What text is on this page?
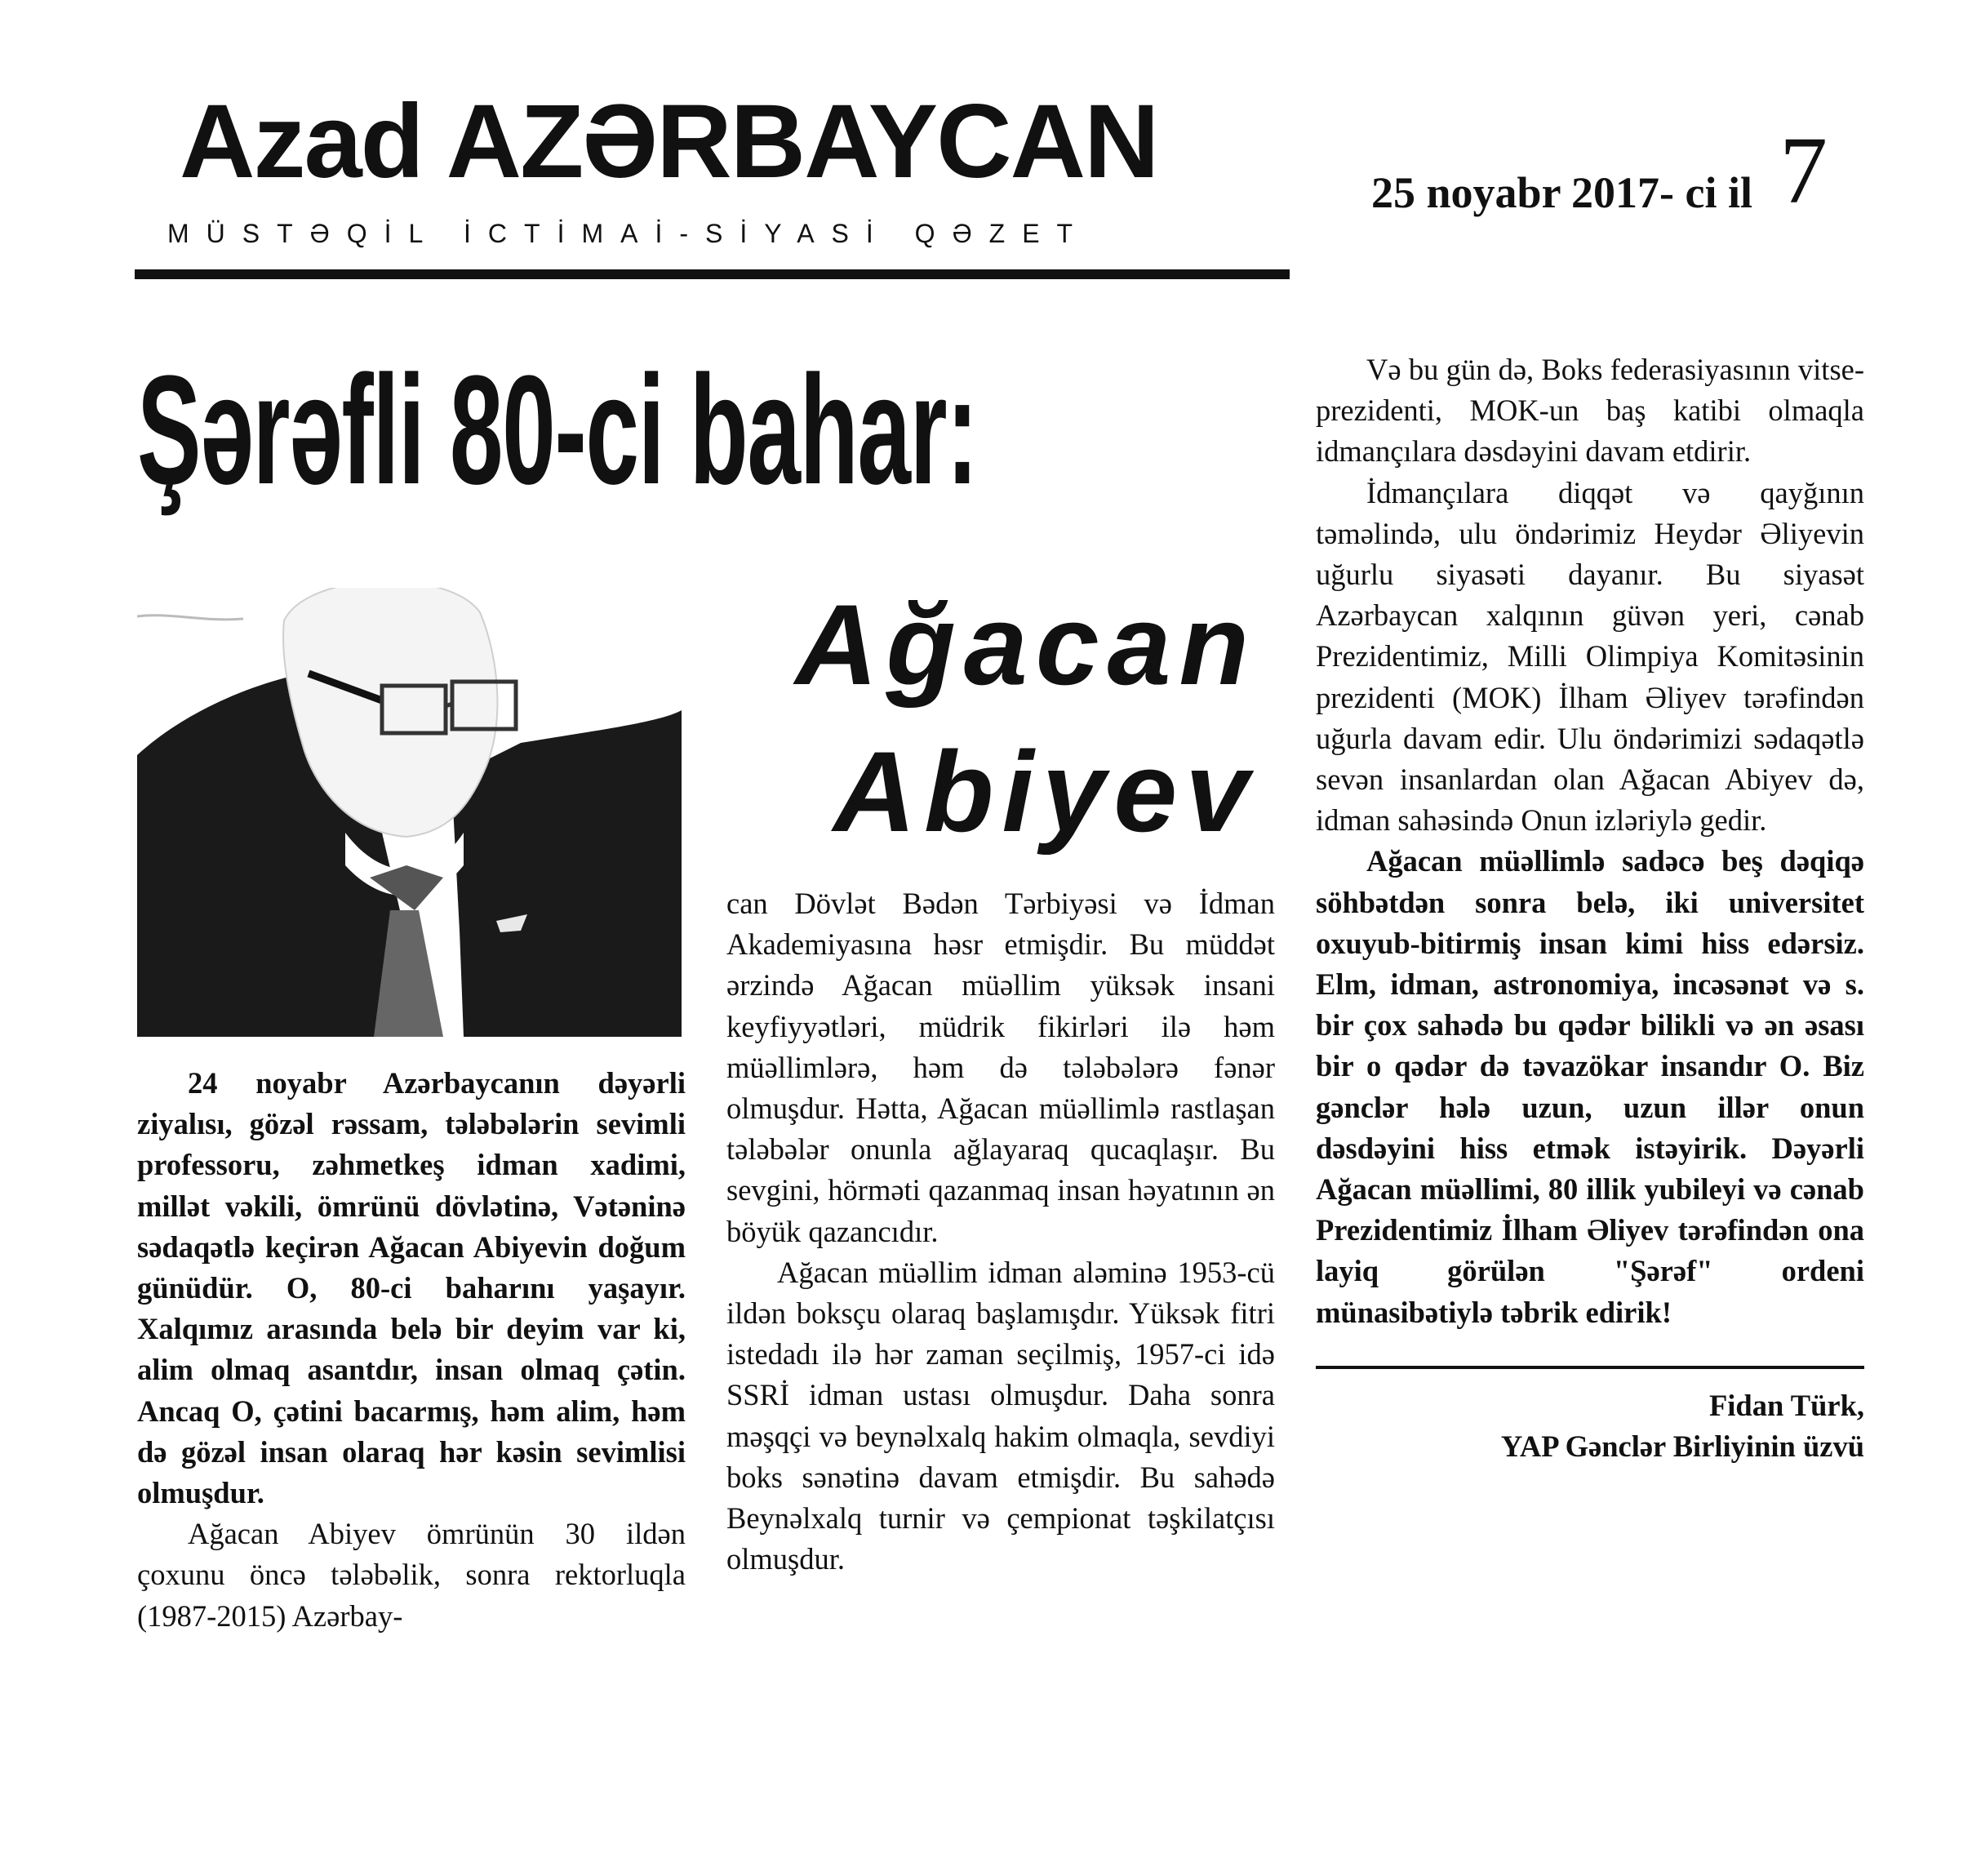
Azad AZƏRBAYCAN
MÜSTƏQİL İCTİMAİ-SİYASİ QƏZET
25 noyabr 2017- ci il 7
Şərəfli 80-ci bahar:
Ağacan
Abiyev

24 noyabr Azərbaycanın dəyərli ziyalısı, gözəl rəssam, tələbələrin sevimli professoru, zəhmetkeş idman xadimi, millət vəkili, ömrünü dövlətinə, Vətəninə sədaqətlə keçirən Ağacan Abiyevin doğum günüdür. O, 80-ci baharını yaşayır. Xalqımız arasında belə bir deyim var ki, alim olmaq asantdır, insan olmaq çətin. Ancaq O, çətini bacarmış, həm alim, həm də gözəl insan olaraq hər kəsin sevimlisi olmuşdur.

Ağacan Abiyev ömrünün 30 ildən çoxunu öncə tələbəlik, sonra rektorluqla (1987-2015) Azərbay-

can Dövlət Bədən Tərbiyəsi və İdman Akademiyasına həsr etmişdir. Bu müddət ərzində Ağacan müəllim yüksək insani keyfiyyətləri, müdrik fikirləri ilə həm müəllimlərə, həm də tələbələrə fənər olmuşdur. Hətta, Ağacan müəllimlə rastlaşan tələbələr onunla ağlayaraq qucaqlaşır. Bu sevgini, hörməti qazanmaq insan həyatının ən böyük qazancıdır.

Ağacan müəllim idman aləminə 1953-cü ildən boksçu olaraq başlamışdır. Yüksək fitri istedadı ilə hər zaman seçilmiş, 1957-ci idə SSRİ idman ustası olmuşdur. Daha sonra məşqçi və beynəlxalq hakim olmaqla, sevdiyi boks sənətinə davam etmişdir. Bu sahədə Beynəlxalq turnir və çempionat təşkilatçısı olmuşdur.

Və bu gün də, Boks federasiyasının vitse-prezidenti, MOK-un baş katibi olmaqla idmançılara dəsdəyini davam etdirir.

İdmançılara diqqət və qayğının təməlində, ulu öndərimiz Heydər Əliyevin uğurlu siyasəti dayanır. Bu siyasət Azərbaycan xalqının güvən yeri, cənab Prezidentimiz, Milli Olimpiya Komitəsinin prezidenti (MOK) İlham Əliyev tərəfindən uğurla davam edir. Ulu öndərimizi sədaqətlə sevən insanlardan olan Ağacan Abiyev də, idman sahəsində Onun izləriylə gedir.

Ağacan müəllimlə sadəcə beş dəqiqə söhbətdən sonra belə, iki universitet oxuyub-bitirmiş insan kimi hiss edərsiz. Elm, idman, astronomiya, incəsənət və s. bir çox sahədə bu qədər bilikli və ən əsası bir o qədər də təvazökar insandır O. Biz gənclər hələ uzun, uzun illər onun dəsdəyini hiss etmək istəyirik. Dəyərli Ağacan müəllimi, 80 illik yubileyi və cənab Prezidentimiz İlham Əliyev tərəfindən ona layiq görülən "Şərəf" ordeni münasibətiylə təbrik edirik!

Fidan Türk,
YAP Gənclər Birliyinin üzvü
